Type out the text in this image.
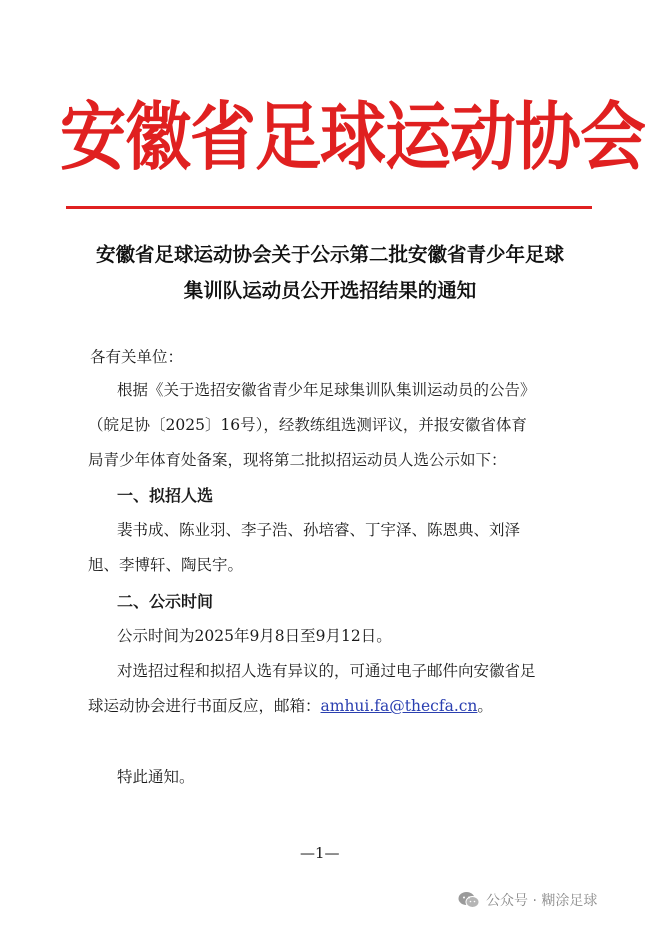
安徽省足球运动协会
安徽省足球运动协会关于公示第二批安徽省青少年足球
集训队运动员公开选招结果的通知
各有关单位：
根据《关于选招安徽省青少年足球集训队集训运动员的公告》
（皖足协〔2025〕16号），经教练组选测评议，并报安徽省体育
局青少年体育处备案，现将第二批拟招运动员人选公示如下：
一、拟招人选
裴书成、陈业羽、李子浩、孙培睿、丁宇泽、陈恩典、刘泽
旭、李博轩、陶民宇。
二、公示时间
公示时间为2025年9月8日至9月12日。
对选招过程和拟招人选有异议的，可通过电子邮件向安徽省足
球运动协会进行书面反应，邮箱：amhui.fa@thecfa.cn。
特此通知。
—1—
公众号 · 糊涂足球
